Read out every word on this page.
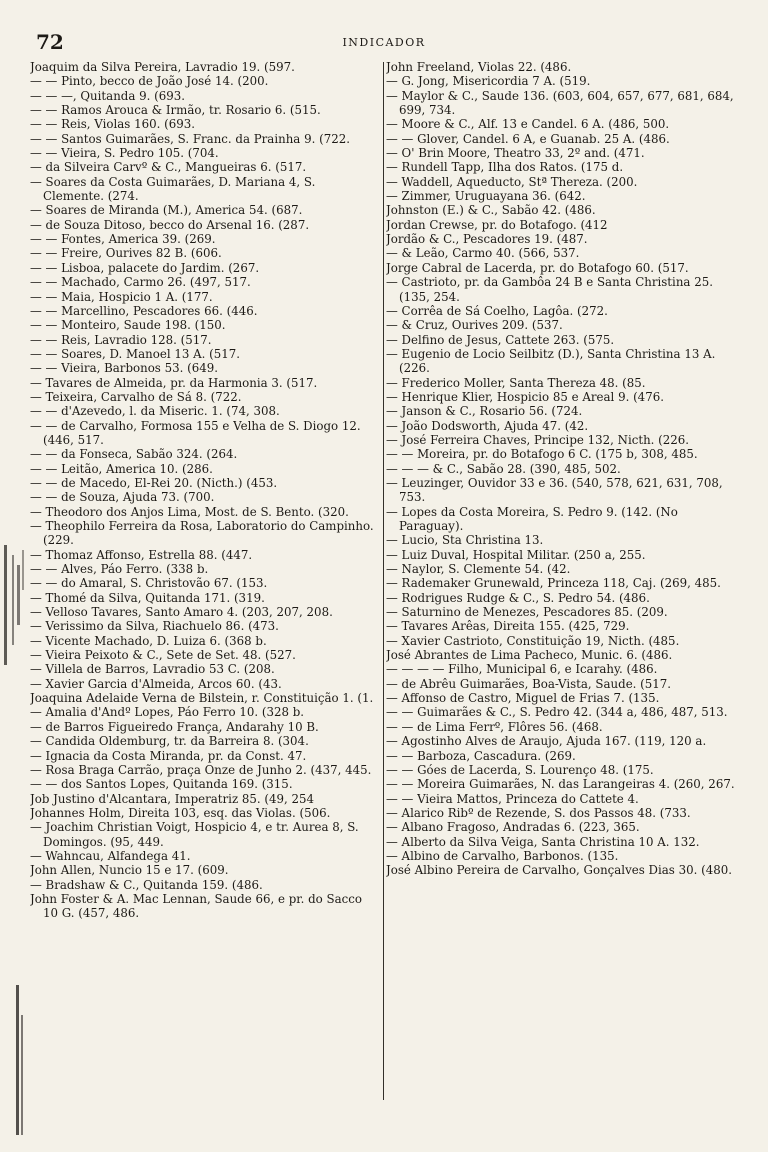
72	INDICADOR

Joaquim da Silva Pereira, Lavradio 19. (597.

— — Pinto, becco de João José 14. (200.

— — —, Quitanda 9. (693.

— — Ramos Arouca & Irmão, tr. Rosario 6. (515.

— — Reis, Violas 160. (693.

— — Santos Guimarães, S. Franc. da Prainha 9. (722.

— — Vieira, S. Pedro 105. (704.

— da Silveira Carvº & C., Mangueiras 6. (517.

— Soares da Costa Guimarães, D. Mariana 4, S. Clemente. (274.

— Soares de Miranda (M.), America 54. (687.

— de Souza Ditoso, becco do Arsenal 16. (287.

— — Fontes, America 39. (269.

— — Freire, Ourives 82 B. (606.

— — Lisboa, palacete do Jardim. (267.

— — Machado, Carmo 26. (497, 517.

— — Maia, Hospicio 1 A. (177.

— — Marcellino, Pescadores 66. (446.

— — Monteiro, Saude 198. (150.

— — Reis, Lavradio 128. (517.

— — Soares, D. Manoel 13 A. (517.

— — Vieira, Barbonos 53. (649.

— Tavares de Almeida, pr. da Harmonia 3. (517.

— Teixeira, Carvalho de Sá 8. (722.

— — d'Azevedo, l. da Miseric. 1. (74, 308.

— — de Carvalho, Formosa 155 e Velha de S. Diogo 12. (446, 517.

— — da Fonseca, Sabão 324. (264.

— — Leitão, America 10. (286.

— — de Macedo, El-Rei 20. (Nicth.) (453.

— — de Souza, Ajuda 73. (700.

— Theodoro dos Anjos Lima, Most. de S. Bento. (320.

— Theophilo Ferreira da Rosa, Laboratorio do Campinho. (229.

— Thomaz Affonso, Estrella 88. (447.

— — Alves, Páo Ferro. (338 b.

— — do Amaral, S. Christovão 67. (153.

— Thomé da Silva, Quitanda 171. (319.

— Velloso Tavares, Santo Amaro 4. (203, 207, 208.

— Verissimo da Silva, Riachuelo 86. (473.

— Vicente Machado, D. Luiza 6. (368 b.

— Vieira Peixoto & C., Sete de Set. 48. (527.

— Villela de Barros, Lavradio 53 C. (208.

— Xavier Garcia d'Almeida, Arcos 60. (43.

Joaquina Adelaide Verna de Bilstein, r. Constituição 1. (1.

— Amalia d'Andº Lopes, Páo Ferro 10. (328 b.

— de Barros Figueiredo França, Andarahy 10 B.

— Candida Oldemburg, tr. da Barreira 8. (304.

— Ignacia da Costa Miranda, pr. da Const. 47.

— Rosa Braga Carrão, praça Onze de Junho 2. (437, 445.

— — dos Santos Lopes, Quitanda 169. (315.

Job Justino d'Alcantara, Imperatriz 85. (49, 254

Johannes Holm, Direita 103, esq. das Violas. (506.

— Joachim Christian Voigt, Hospicio 4, e tr. Aurea 8, S. Domingos. (95, 449.

— Wahncau, Alfandega 41.

John Allen, Nuncio 15 e 17. (609.

— Bradshaw & C., Quitanda 159. (486.

John Foster & A. Mac Lennan, Saude 66, e pr. do Sacco 10 G. (457, 486.

John Freeland, Violas 22. (486.

— G. Jong, Misericordia 7 A. (519.

— Maylor & C., Saude 136. (603, 604, 657, 677, 681, 684, 699, 734.

— Moore & C., Alf. 13 e Candel. 6 A. (486, 500.

— — Glover, Candel. 6 A, e Guanab. 25 A. (486.

— O' Brin Moore, Theatro 33, 2º and. (471.

— Rundell Tapp, Ilha dos Ratos. (175 d.

— Waddell, Aqueducto, Stª Thereza. (200.

— Zimmer, Uruguayana 36. (642.

Johnston (E.) & C., Sabão 42. (486.

Jordan Crewse, pr. do Botafogo. (412

Jordão & C., Pescadores 19. (487.

— & Leão, Carmo 40. (566, 537.

Jorge Cabral de Lacerda, pr. do Botafogo 60. (517.

— Castrioto, pr. da Gambôa 24 B e Santa Christina 25. (135, 254.

— Corrêa de Sá Coelho, Lagôa. (272.

— & Cruz, Ourives 209. (537.

— Delfino de Jesus, Cattete 263. (575.

— Eugenio de Locio Seilbitz (D.), Santa Christina 13 A. (226.

— Frederico Moller, Santa Thereza 48. (85.

— Henrique Klier, Hospicio 85 e Areal 9. (476.

— Janson & C., Rosario 56. (724.

— João Dodsworth, Ajuda 47. (42.

— José Ferreira Chaves, Principe 132, Nicth. (226.

— — Moreira, pr. do Botafogo 6 C. (175 b, 308, 485.

— — — & C., Sabão 28. (390, 485, 502.

— Leuzinger, Ouvidor 33 e 36. (540, 578, 621, 631, 708, 753.

— Lopes da Costa Moreira, S. Pedro 9. (142. (No Paraguay).

— Lucio, Sta Christina 13.

— Luiz Duval, Hospital Militar. (250 a, 255.

— Naylor, S. Clemente 54. (42.

— Rademaker Grunewald, Princeza 118, Caj. (269, 485.

— Rodrigues Rudge & C., S. Pedro 54. (486.

— Saturnino de Menezes, Pescadores 85. (209.

— Tavares Arêas, Direita 155. (425, 729.

— Xavier Castrioto, Constituição 19, Nicth. (485.

José Abrantes de Lima Pacheco, Munic. 6. (486.

— — — — Filho, Municipal 6, e Icarahy. (486.

— de Abrêu Guimarães, Boa-Vista, Saude. (517.

— Affonso de Castro, Miguel de Frias 7. (135.

— — Guimarães & C., S. Pedro 42. (344 a, 486, 487, 513.

— — de Lima Ferrº, Flôres 56. (468.

— Agostinho Alves de Araujo, Ajuda 167. (119, 120 a.

— — Barboza, Cascadura. (269.

— — Góes de Lacerda, S. Lourenço 48. (175.

— — Moreira Guimarães, N. das Larangeiras 4. (260, 267.

— — Vieira Mattos, Princeza do Cattete 4.

— Alarico Ribº de Rezende, S. dos Passos 48. (733.

— Albano Fragoso, Andradas 6. (223, 365.

— Alberto da Silva Veiga, Santa Christina 10 A. 132.

— Albino de Carvalho, Barbonos. (135.

José Albino Pereira de Carvalho, Gonçalves Dias 30. (480.
